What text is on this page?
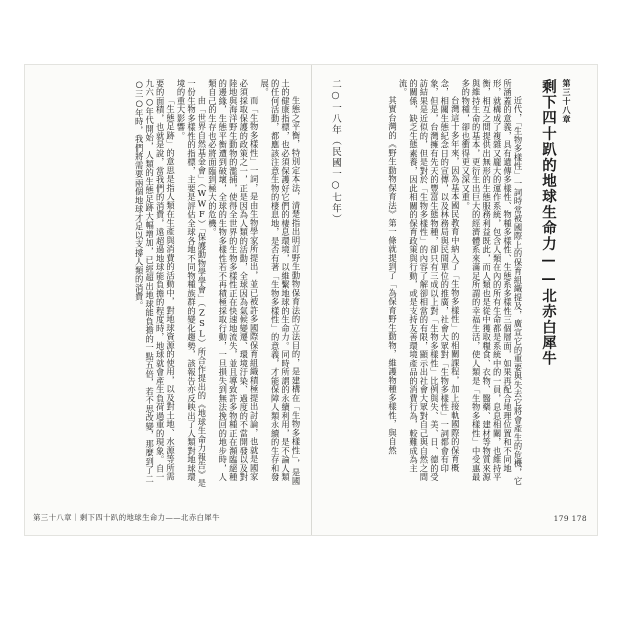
生態之平衡，特別定本法，清楚指出明訂野生動物保育法的立法目的，是建構在「生物多樣性」，是國土的健康指標，也必須保護好它們的棲息環境，以維繫地球的生命力。同時所謂的永續利用，是不論人類的任何活動，都應該注意生物的棲息地，是否有著「生物多樣性」的意義，才能保障人類永續的生存和發展。

而「生物多樣性」一詞，是由生物學家所提出，並已被許多國際保育組織積極提出討論，也就是國家必須採取保護的政策之一，正是因為人類的活動，全球因為氣候變遷、環境汙染、過度的不當開發以及對陸地與海洋野生動物的濫捕，使得全世界的生物多樣性正在快速地流失，並且導致許多物種正在瀕臨絕種的邊緣，生態平衡遭到破壞，全球的生物多樣性若不再積極採取行動，一旦損失到無法挽回的地步時，人類自己的生存也必將面臨到極大的危機。

由「世界自然基金會」（WWF）「保護動物學學會」（ZSL）所合作提出的《地球生命力報告》是一份生物多樣性的指標，主要是評估全球各地不同物種族群的變化趨勢，該報告亦反映出了人類對地球環境的重大影響。

「生態足跡」的意思是指人類在生產與消費的活動中，對地球資源的使用，以及對土地、水源等所需要的面積，也就是說，當我們的消費，遠超過地球能負擔的程度時，地球就會產生負荷過重的現象。自一九六○年代開始，人類的生態足跡大幅增加，已經超出地球能負擔的一點五倍，若不思改變，那麼到了二○三○年時，我們將需要兩個地球才足以支撐人類的消費。

第三十八章｜剩下四十趴的地球生命力——北赤白犀牛
第三十八章
剩下四十趴的地球生命力——北赤白犀牛

近代，「生物多樣性」一詞時常被國際上的保育組織提及，廣宣它的重要與失去它將會產生的危機，它所涵蓋的意義，具有遺傳多樣性、物種多樣性、生態系多樣性三個層面，如果再配合地理位置和不同地形，就構成了複雜又龐大的運作系統，包含人類在內的所有生命都是系統中的一員，息息相關，也維持平衡，相互之間提供出無形的生態服務利益既此，而人類也是從中獲取糧食、衣物、醫藥、建材等物質來源與維持生命的基本，更衍生出巨大的經濟體系來滿足所謂的幸福生活，使人類是「生物多樣性」中受惠最多的物種，卻也衝得更又深又重。

台灣這十多年來，因為基本國民教育中納入了「生物多樣性」的相關課程，加上接軌國際的保育概念，相關生態紀念日的宣傳，以及林務局與民間單位的推廣，社會大眾對「生物多樣性」一詞都會有印象，但是，台灣擁有先天的豐富生態物種，卻只有三成以上對「生物多樣性」比例與失、美、日、德的受訪結果是近似的，但是對於「生物多樣性」的內容了解卻相當的有限，顯示出社會大眾對自己與自然之間的關係，缺乏生態素養，因此相關的保育政策與行動，或是支持友善環境產品的消費行為，較難成為主流。

其實台灣的《野生動物保育法》第一條就提到了「為保育野生動物，維護物種多樣性，與自然

二○一八年（民國一○七年）
179 178
